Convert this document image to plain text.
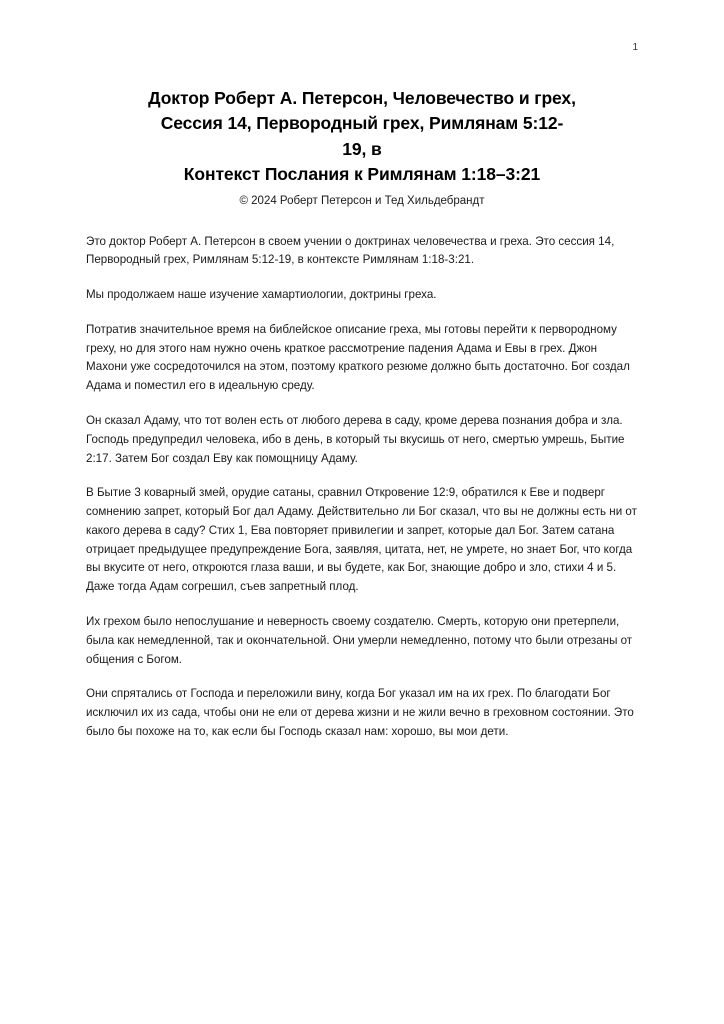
1
Доктор Роберт А. Петерсон, Человечество и грех,
Сессия 14, Первородный грех, Римлянам 5:12-
19, в
Контекст Послания к Римлянам 1:18–3:21
© 2024 Роберт Петерсон и Тед Хильдебрандт

Это доктор Роберт А. Петерсон в своем учении о доктринах человечества и греха. Это сессия 14, Первородный грех, Римлянам 5:12-19, в контексте Римлянам 1:18-3:21.

Мы продолжаем наше изучение хамартиологии, доктрины греха.

Потратив значительное время на библейское описание греха, мы готовы перейти к первородному греху, но для этого нам нужно очень краткое рассмотрение падения Адама и Евы в грех. Джон Махони уже сосредоточился на этом, поэтому краткого резюме должно быть достаточно. Бог создал Адама и поместил его в идеальную среду.

Он сказал Адаму, что тот волен есть от любого дерева в саду, кроме дерева познания добра и зла. Господь предупредил человека, ибо в день, в который ты вкусишь от него, смертью умрешь, Бытие 2:17. Затем Бог создал Еву как помощницу Адаму.

В Бытие 3 коварный змей, орудие сатаны, сравнил Откровение 12:9, обратился к Еве и подверг сомнению запрет, который Бог дал Адаму. Действительно ли Бог сказал, что вы не должны есть ни от какого дерева в саду? Стих 1, Ева повторяет привилегии и запрет, которые дал Бог. Затем сатана отрицает предыдущее предупреждение Бога, заявляя, цитата, нет, не умрете, но знает Бог, что когда вы вкусите от него, откроются глаза ваши, и вы будете, как Бог, знающие добро и зло, стихи 4 и 5. Даже тогда Адам согрешил, съев запретный плод.

Их грехом было непослушание и неверность своему создателю. Смерть, которую они претерпели, была как немедленной, так и окончательной. Они умерли немедленно, потому что были отрезаны от общения с Богом.

Они спрятались от Господа и переложили вину, когда Бог указал им на их грех. По благодати Бог исключил их из сада, чтобы они не ели от дерева жизни и не жили вечно в греховном состоянии. Это было бы похоже на то, как если бы Господь сказал нам: хорошо, вы мои дети.
